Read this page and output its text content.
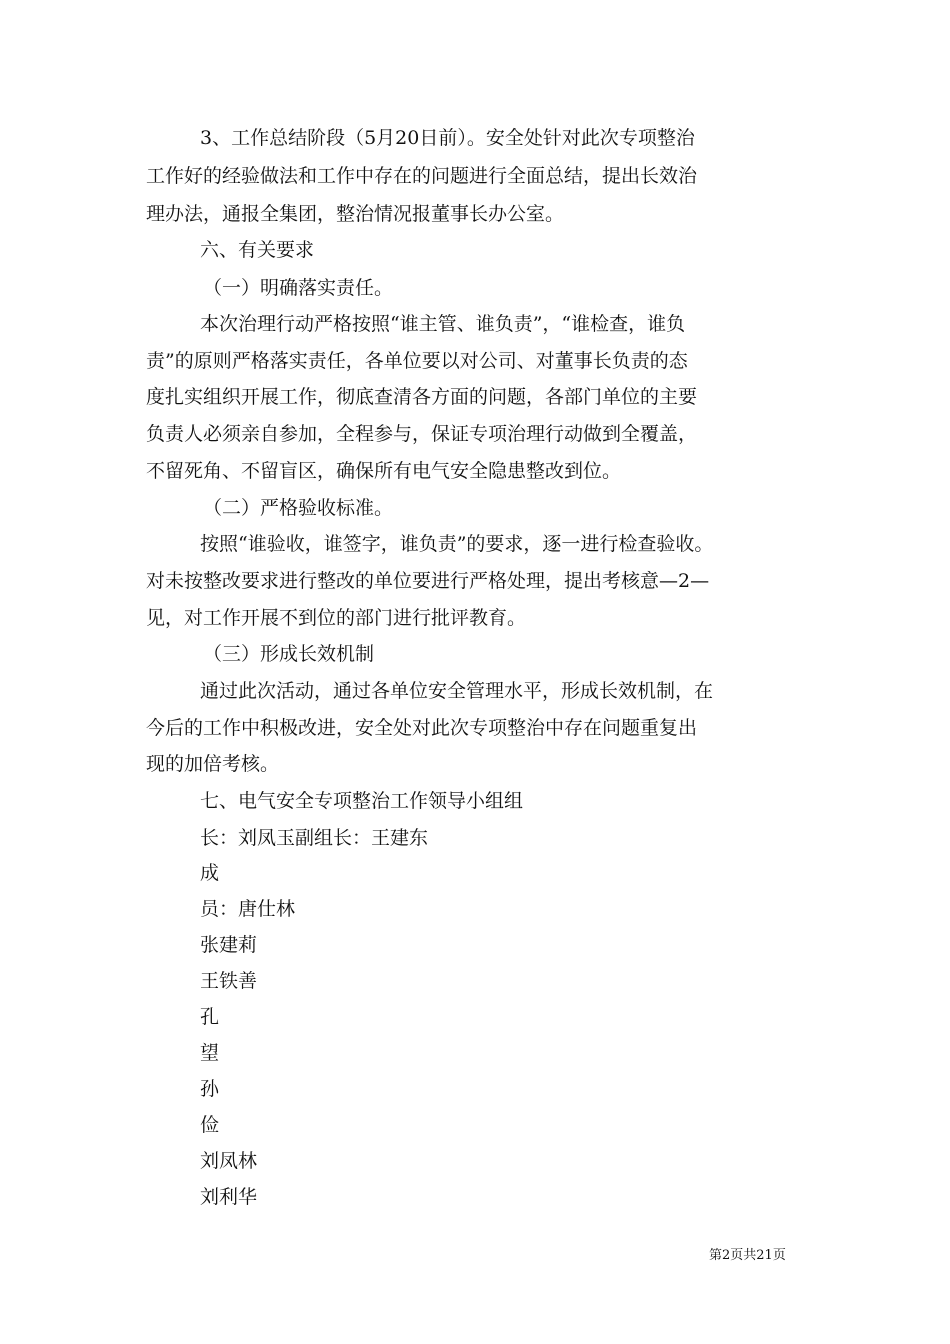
3、工作总结阶段（5月20日前）。安全处针对此次专项整治
工作好的经验做法和工作中存在的问题进行全面总结，提出长效治
理办法，通报全集团，整治情况报董事长办公室。
六、有关要求
（一）明确落实责任。
本次治理行动严格按照“谁主管、谁负责”，“谁检查，谁负
责”的原则严格落实责任，各单位要以对公司、对董事长负责的态
度扎实组织开展工作，彻底查清各方面的问题，各部门单位的主要
负责人必须亲自参加，全程参与，保证专项治理行动做到全覆盖，
不留死角、不留盲区，确保所有电气安全隐患整改到位。
（二）严格验收标准。
按照“谁验收，谁签字，谁负责”的要求，逐一进行检查验收。
对未按整改要求进行整改的单位要进行严格处理，提出考核意—2—
见，对工作开展不到位的部门进行批评教育。
（三）形成长效机制
通过此次活动，通过各单位安全管理水平，形成长效机制，在
今后的工作中积极改进，安全处对此次专项整治中存在问题重复出
现的加倍考核。
七、电气安全专项整治工作领导小组组
长：刘凤玉副组长：王建东
成
员：唐仕林
张建莉
王铁善
孔
望
孙
俭
刘凤林
刘利华
第2页共21页
